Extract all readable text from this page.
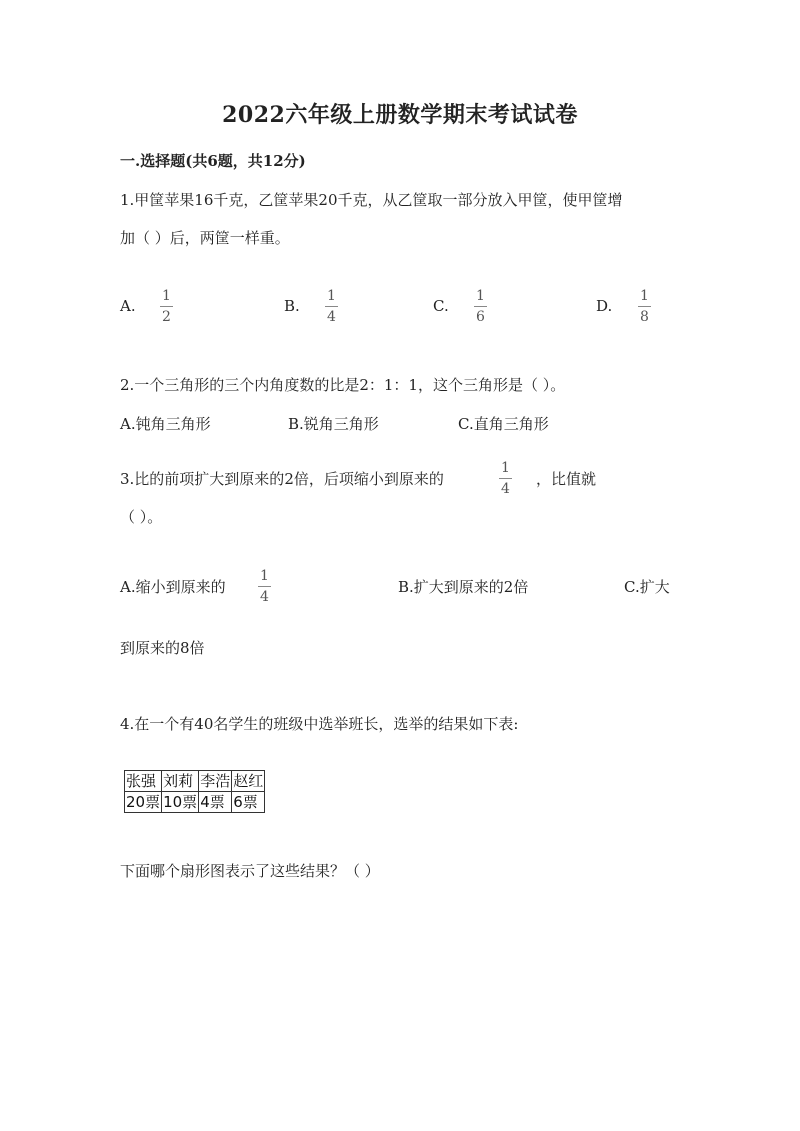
2022六年级上册数学期末考试试卷
一.选择题(共6题，共12分)
1.甲筐苹果16千克，乙筐苹果20千克，从乙筐取一部分放入甲筐，使甲筐增
加（ ）后，两筐一样重。
A. $\frac{1}{2}$	B. $\frac{1}{4}$	C. $\frac{1}{6}$	D. $\frac{1}{8}$
2.一个三角形的三个内角度数的比是2：1：1，这个三角形是（ ）。
A.钝角三角形	B.锐角三角形	C.直角三角形
3.比的前项扩大到原来的2倍，后项缩小到原来的	$\frac{1}{4}$ ，比值就
（ ）。
A.缩小到原来的 $\frac{1}{4}$	B.扩大到原来的2倍	C.扩大
到原来的8倍
4.在一个有40名学生的班级中选举班长，选举的结果如下表:
张强	刘莉	李浩	赵红
20票	10票	4票	6票
下面哪个扇形图表示了这些结果？（ ）
